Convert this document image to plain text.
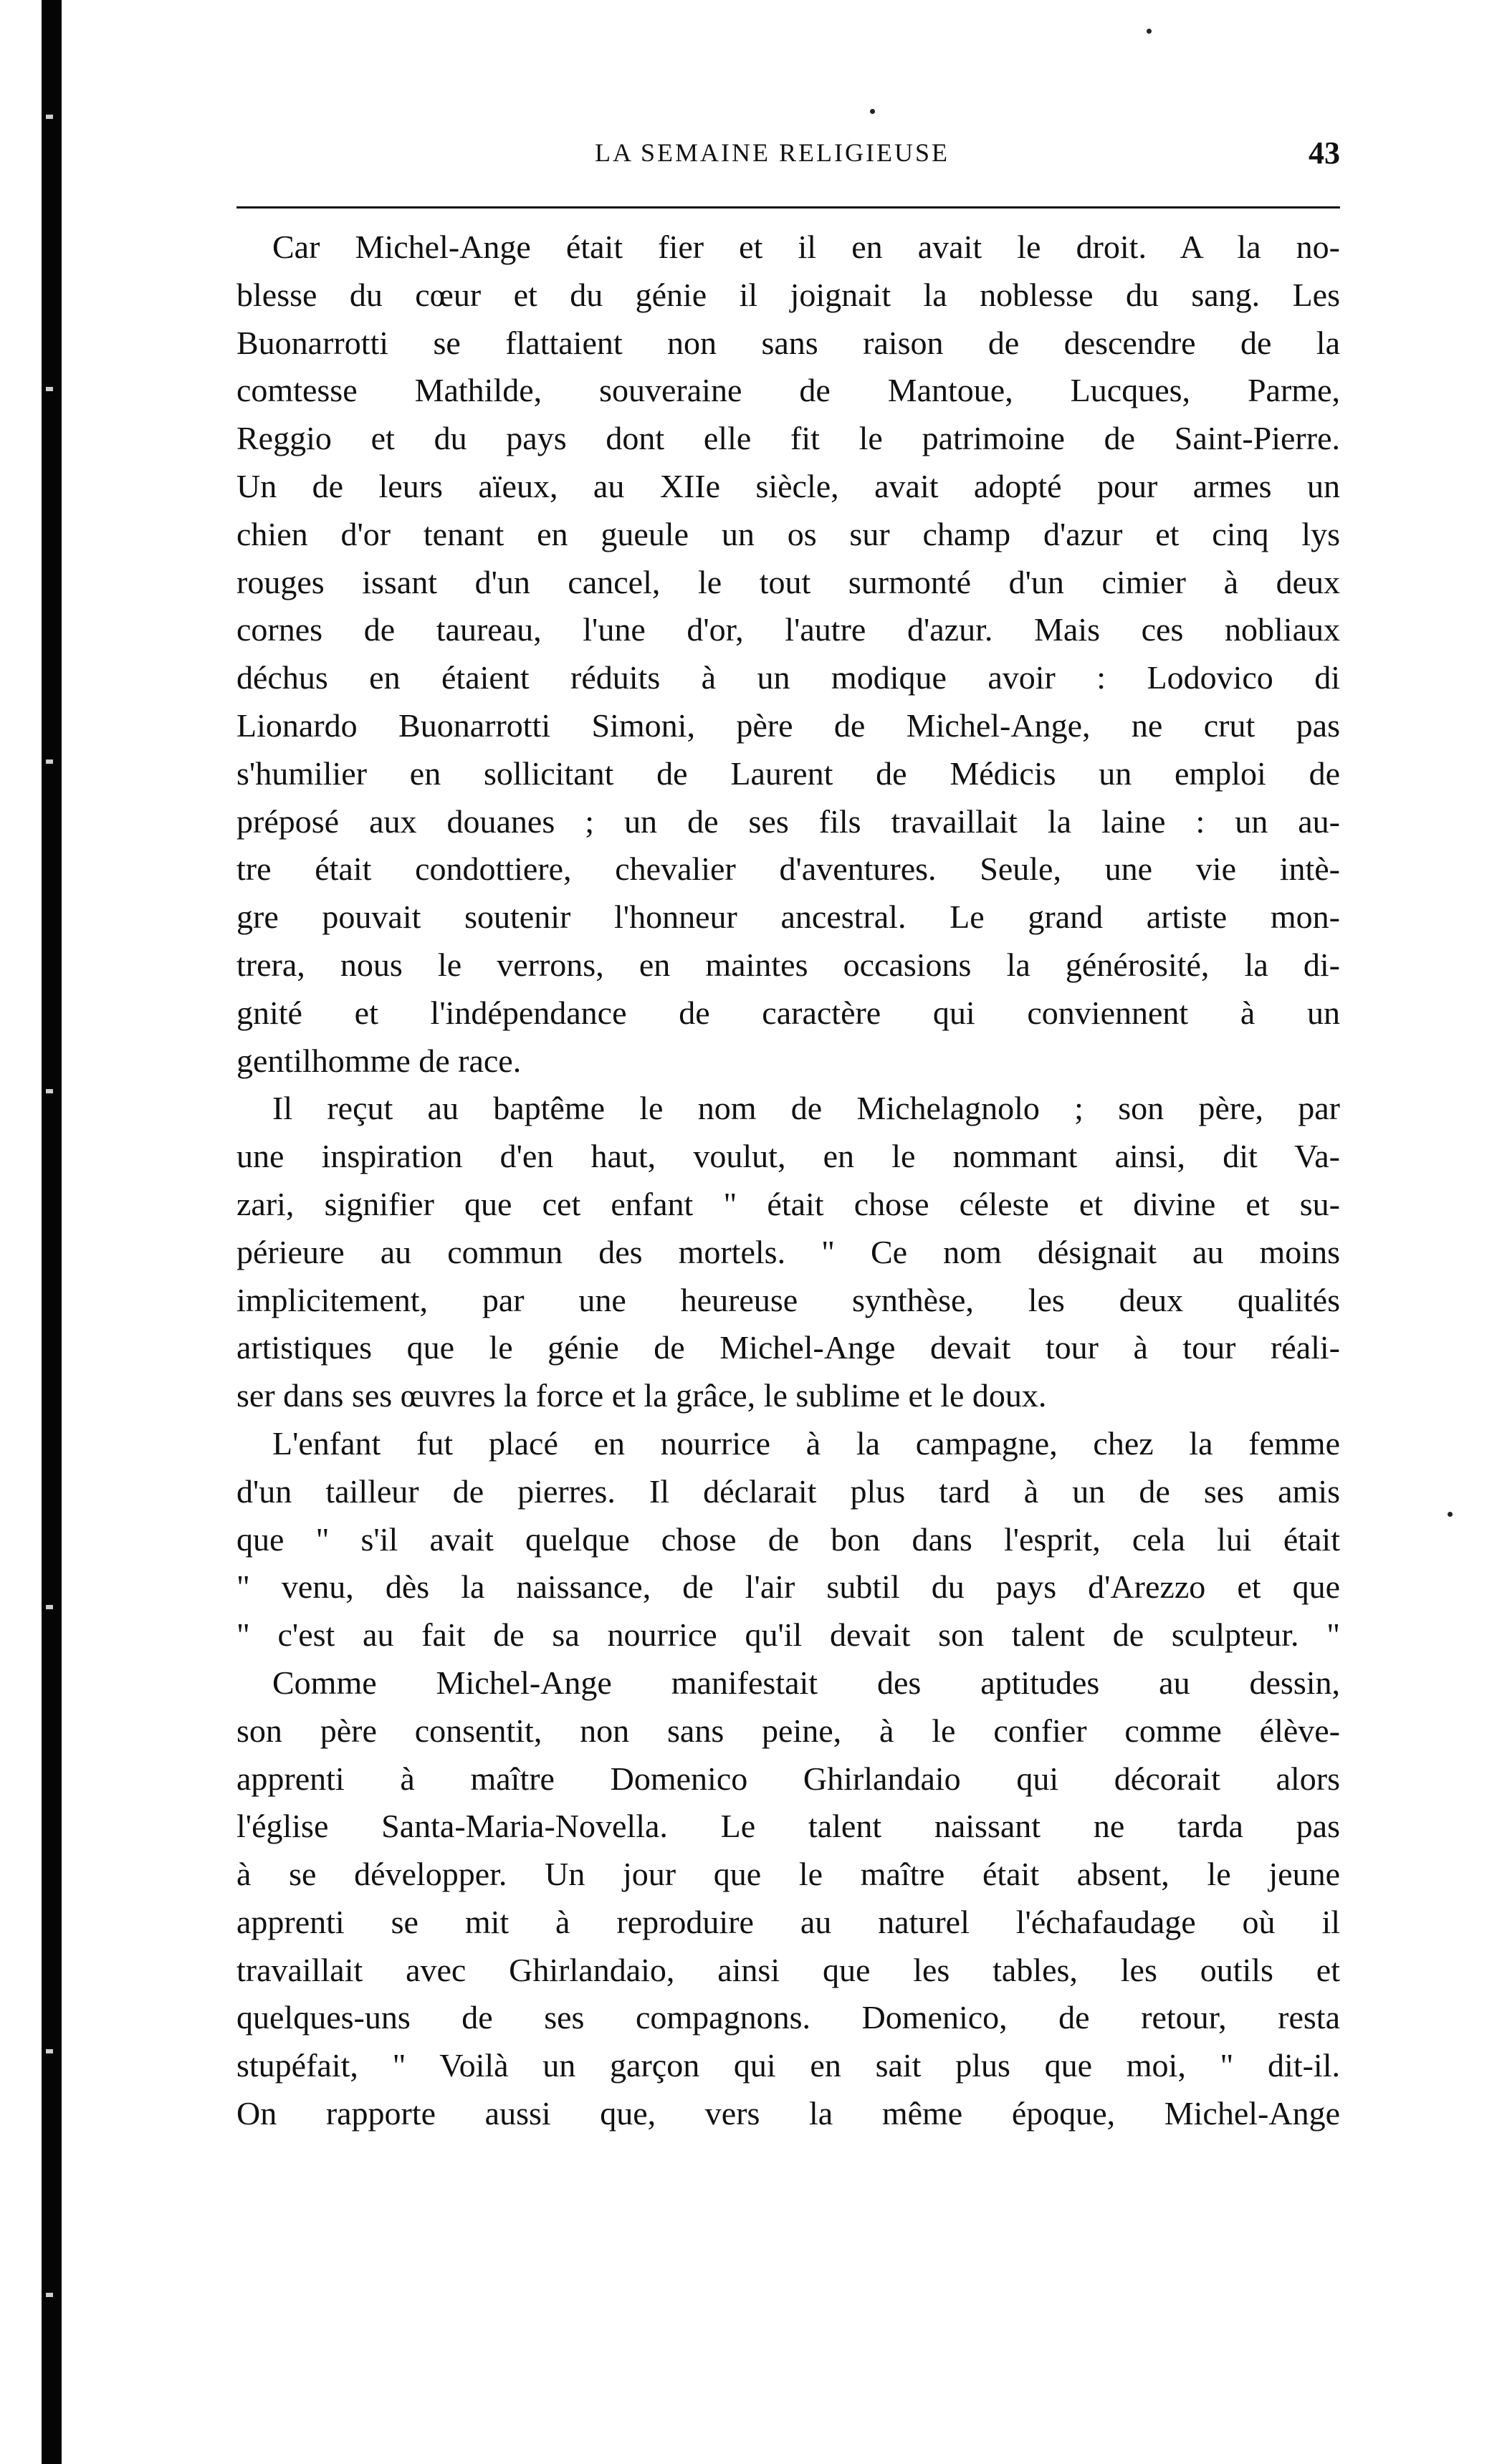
LA SEMAINE RELIGIEUSE	43
Car Michel-Ange était fier et il en avait le droit. A la no-
blesse du cœur et du génie il joignait la noblesse du sang. Les
Buonarrotti se flattaient non sans raison de descendre de la
comtesse Mathilde, souveraine de Mantoue, Lucques, Parme,
Reggio et du pays dont elle fit le patrimoine de Saint-Pierre.
Un de leurs aïeux, au XIIe siècle, avait adopté pour armes un
chien d'or tenant en gueule un os sur champ d'azur et cinq lys
rouges issant d'un cancel, le tout surmonté d'un cimier à deux
cornes de taureau, l'une d'or, l'autre d'azur. Mais ces nobliaux
déchus en étaient réduits à un modique avoir : Lodovico di
Lionardo Buonarrotti Simoni, père de Michel-Ange, ne crut pas
s'humilier en sollicitant de Laurent de Médicis un emploi de
préposé aux douanes ; un de ses fils travaillait la laine : un au-
tre était condottiere, chevalier d'aventures. Seule, une vie intè-
gre pouvait soutenir l'honneur ancestral. Le grand artiste mon-
trera, nous le verrons, en maintes occasions la générosité, la di-
gnité et l'indépendance de caractère qui conviennent à un
gentilhomme de race.
Il reçut au baptême le nom de Michelagnolo ; son père, par
une inspiration d'en haut, voulut, en le nommant ainsi, dit Va-
zari, signifier que cet enfant " était chose céleste et divine et su-
périeure au commun des mortels. " Ce nom désignait au moins
implicitement, par une heureuse synthèse, les deux qualités
artistiques que le génie de Michel-Ange devait tour à tour réali-
ser dans ses œuvres la force et la grâce, le sublime et le doux.
L'enfant fut placé en nourrice à la campagne, chez la femme
d'un tailleur de pierres. Il déclarait plus tard à un de ses amis
que " s'il avait quelque chose de bon dans l'esprit, cela lui était
" venu, dès la naissance, de l'air subtil du pays d'Arezzo et que
" c'est au fait de sa nourrice qu'il devait son talent de sculpteur. "
Comme Michel-Ange manifestait des aptitudes au dessin,
son père consentit, non sans peine, à le confier comme élève-
apprenti à maître Domenico Ghirlandaio qui décorait alors
l'église Santa-Maria-Novella. Le talent naissant ne tarda pas
à se développer. Un jour que le maître était absent, le jeune
apprenti se mit à reproduire au naturel l'échafaudage où il
travaillait avec Ghirlandaio, ainsi que les tables, les outils et
quelques-uns de ses compagnons. Domenico, de retour, resta
stupéfait, " Voilà un garçon qui en sait plus que moi, " dit-il.
On rapporte aussi que, vers la même époque, Michel-Ange
